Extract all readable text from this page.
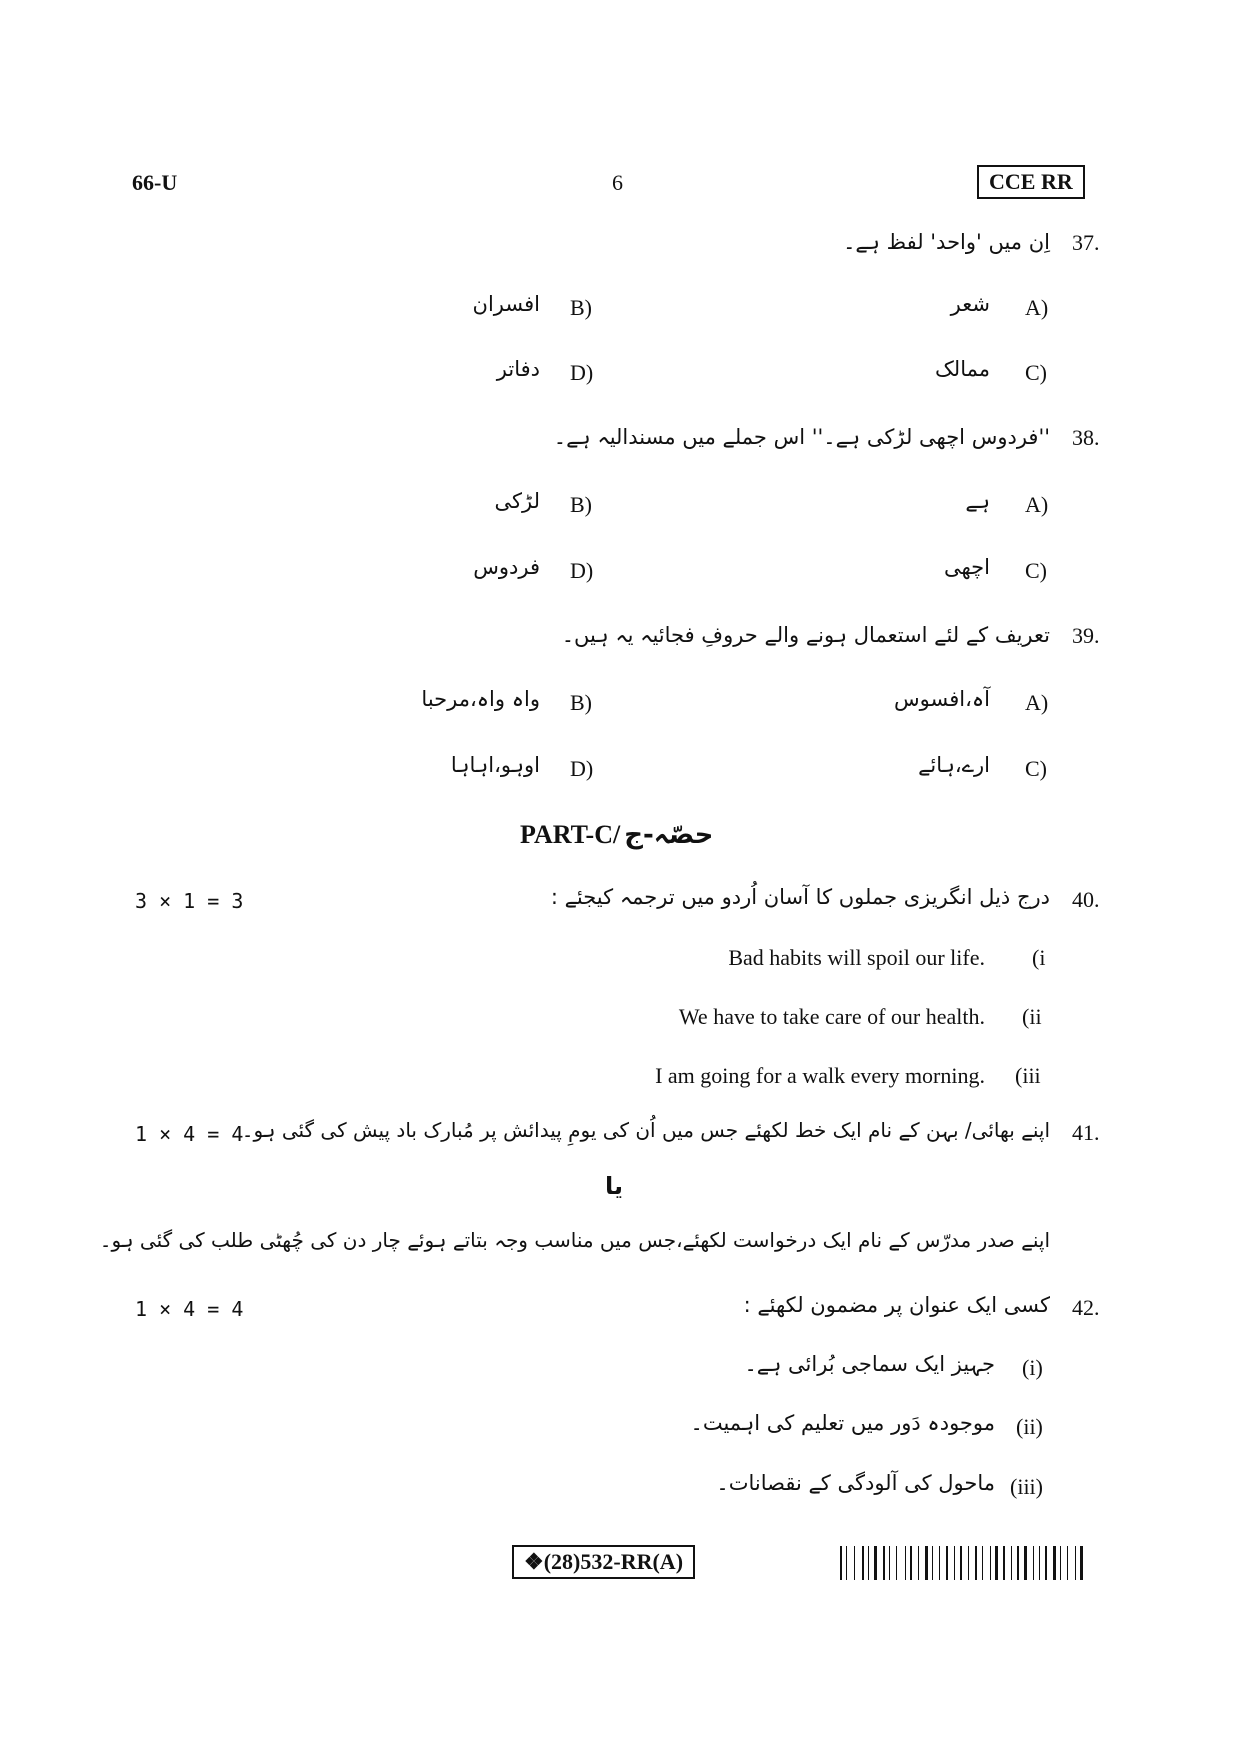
66-U	6	CCE RR
37.
اِن میں 'واحد' لفظ ہے۔
A)
شعر
B)
افسران
C)
ممالک
D)
دفاتر
38.
''فردوس اچھی لڑکی ہے۔'' اس جملے میں مسندالیہ ہے۔
A)
ہے
B)
لڑکی
C)
اچھی
D)
فردوس
39.
تعریف کے لئے استعمال ہونے والے حروفِ فجائیہ یہ ہیں۔
A)
آہ،افسوس
B)
واہ واہ،مرحبا
C)
ارے،ہائے
D)
اوہو،اہاہا
PART-C/ حصّہ-ج
40.
درج ذیل انگریزی جملوں کا آسان اُردو میں ترجمہ کیجئے :
3 × 1 = 3
Bad habits will spoil our life. (i
We have to take care of our health. (ii
I am going for a walk every morning. (iii
41.
اپنے بھائی/ بہن کے نام ایک خط لکھئے جس میں اُن کی یومِ پیدائش پر مُبارک باد پیش کی گئی ہو۔
1 × 4 = 4
یا
اپنے صدر مدرّس کے نام ایک درخواست لکھئے،جس میں مناسب وجہ بتاتے ہوئے چار دن کی چُھٹی طلب کی گئی ہو۔
42.
کسی ایک عنوان پر مضمون لکھئے :
1 × 4 = 4
(i)
جہیز ایک سماجی بُرائی ہے۔
(ii)
موجودہ دَور میں تعلیم کی اہمیت۔
(iii)
ماحول کی آلودگی کے نقصانات۔
❖(28)532-RR(A)
